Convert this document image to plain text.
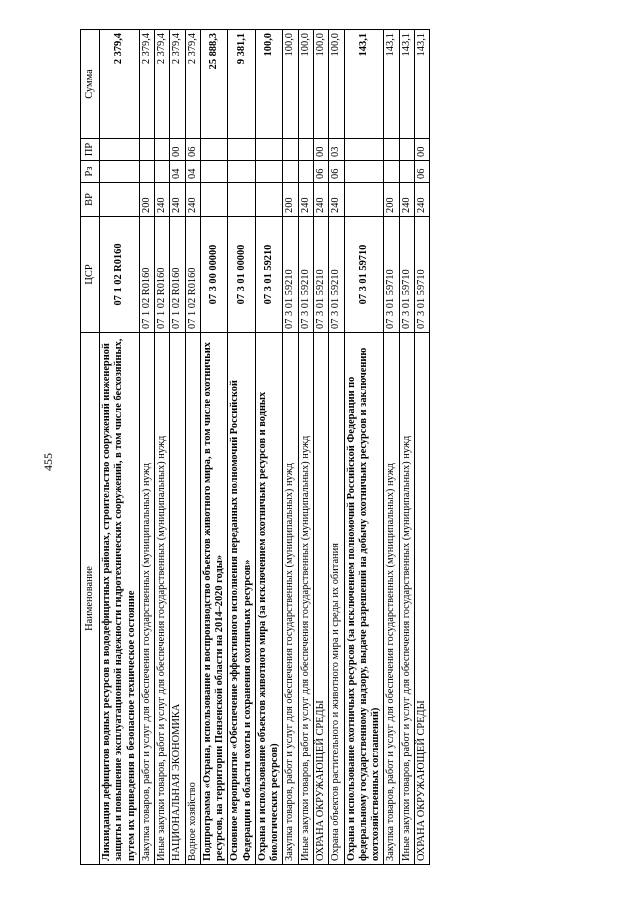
455
Наименование	ЦСР	ВР	Рз	ПР	Сумма
Ликвидация дефицитов водных ресурсов в вододефицитных районах, строительство сооружений инженерной защиты и повышение эксплуатационной надежности гидротехнических сооружений, в том числе бесхозяйных, путем их приведения в безопасное техническое состояние	07 1 02 R0160				2 379,4
Закупка товаров, работ и услуг для обеспечения государственных (муниципальных) нужд	07 1 02 R0160	200			2 379,4
Иные закупки товаров, работ и услуг для обеспечения государственных (муниципальных) нужд	07 1 02 R0160	240			2 379,4
НАЦИОНАЛЬНАЯ ЭКОНОМИКА	07 1 02 R0160	240	04	00	2 379,4
Водное хозяйство	07 1 02 R0160	240	04	06	2 379,4
Подпрограмма «Охрана, использование и воспроизводство объектов животного мира, в том числе охотничьих ресурсов, на территории Пензенской области на 2014–2020 годы»	07 3 00 00000				25 888,3
Основное мероприятие «Обеспечение эффективного исполнения переданных полномочий Российской Федерации в области охоты и сохранения охотничьих ресурсов»	07 3 01 00000				9 381,1
Охрана и использование объектов животного мира (за исключением охотничьих ресурсов и водных биологических ресурсов)	07 3 01 59210				100,0
Закупка товаров, работ и услуг для обеспечения государственных (муниципальных) нужд	07 3 01 59210	200			100,0
Иные закупки товаров, работ и услуг для обеспечения государственных (муниципальных) нужд	07 3 01 59210	240			100,0
ОХРАНА ОКРУЖАЮЩЕЙ СРЕДЫ	07 3 01 59210	240	06	00	100,0
Охрана объектов растительного и животного мира и среды их обитания	07 3 01 59210	240	06	03	100,0
Охрана и использование охотничьих ресурсов (за исключением полномочий Российской Федерации по федеральному государственному надзору, выдаче разрешений на добычу охотничьих ресурсов и заключению охотхозяйственных соглашений)	07 3 01 59710				143,1
Закупка товаров, работ и услуг для обеспечения государственных (муниципальных) нужд	07 3 01 59710	200			143,1
Иные закупки товаров, работ и услуг для обеспечения государственных (муниципальных) нужд	07 3 01 59710	240			143,1
ОХРАНА ОКРУЖАЮЩЕЙ СРЕДЫ	07 3 01 59710	240	06	00	143,1
